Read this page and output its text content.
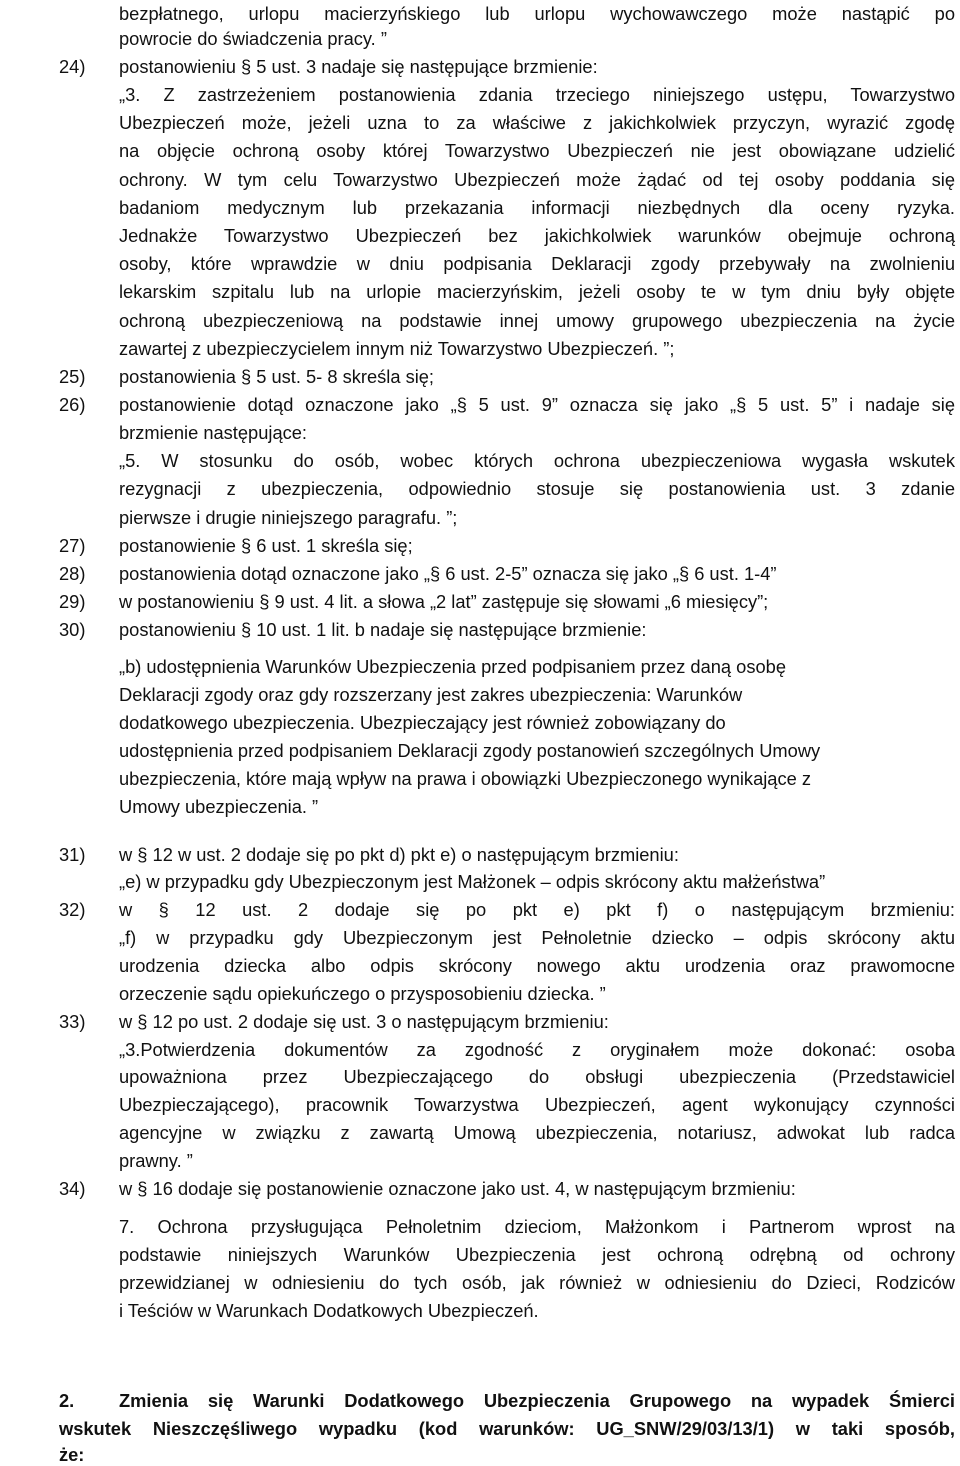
24)
25)
26)
27)
28)
29)
30)
31)
32)
33)
34)
2.
bezpłatnego, urlopu macierzyńskiego lub urlopu wychowawczego może nastąpić po
powrocie do świadczenia pracy. ”
postanowieniu § 5 ust. 3 nadaje się następujące brzmienie:
„3. Z zastrzeżeniem postanowienia zdania trzeciego niniejszego ustępu, Towarzystwo
Ubezpieczeń może, jeżeli uzna to za właściwe z jakichkolwiek przyczyn, wyrazić zgodę
na objęcie ochroną osoby której Towarzystwo Ubezpieczeń nie jest obowiązane udzielić
ochrony. W tym celu Towarzystwo Ubezpieczeń może żądać od tej osoby poddania się
badaniom medycznym lub przekazania informacji niezbędnych dla oceny ryzyka.
Jednakże Towarzystwo Ubezpieczeń bez jakichkolwiek warunków obejmuje ochroną
osoby, które wprawdzie w dniu podpisania Deklaracji zgody przebywały na zwolnieniu
lekarskim szpitalu lub na urlopie macierzyńskim, jeżeli osoby te w tym dniu były objęte
ochroną ubezpieczeniową na podstawie innej umowy grupowego ubezpieczenia na życie
zawartej z ubezpieczycielem innym niż Towarzystwo Ubezpieczeń. ”;
postanowienia § 5 ust. 5- 8 skreśla się;
postanowienie dotąd oznaczone jako „§ 5 ust. 9” oznacza się jako „§ 5 ust. 5” i nadaje się
brzmienie następujące:
„5. W stosunku do osób, wobec których ochrona ubezpieczeniowa wygasła wskutek
rezygnacji z ubezpieczenia, odpowiednio stosuje się postanowienia ust. 3 zdanie
pierwsze i drugie niniejszego paragrafu. ”;
postanowienie § 6 ust. 1 skreśla się;
postanowienia dotąd oznaczone jako „§ 6 ust. 2-5” oznacza się jako „§ 6 ust. 1-4”
w postanowieniu § 9 ust. 4 lit. a słowa „2 lat” zastępuje się słowami „6 miesięcy”;
postanowieniu § 10 ust. 1 lit. b nadaje się następujące brzmienie:
„b) udostępnienia Warunków Ubezpieczenia przed podpisaniem przez daną osobę
Deklaracji zgody oraz gdy rozszerzany jest zakres ubezpieczenia: Warunków
dodatkowego ubezpieczenia. Ubezpieczający jest również zobowiązany do
udostępnienia przed podpisaniem Deklaracji zgody postanowień szczególnych Umowy
ubezpieczenia, które mają wpływ na prawa i obowiązki Ubezpieczonego wynikające z
Umowy ubezpieczenia. ”
w § 12 w ust. 2 dodaje się po pkt d) pkt e) o następującym brzmieniu:
„e) w przypadku gdy Ubezpieczonym jest Małżonek – odpis skrócony aktu małżeństwa”
w § 12 ust. 2 dodaje się po pkt e) pkt f) o następującym brzmieniu:
„f) w przypadku gdy Ubezpieczonym jest Pełnoletnie dziecko – odpis skrócony aktu
urodzenia dziecka albo odpis skrócony nowego aktu urodzenia oraz prawomocne
orzeczenie sądu opiekuńczego o przysposobieniu dziecka. ”
w § 12 po ust. 2 dodaje się ust. 3 o następującym brzmieniu:
„3.Potwierdzenia dokumentów za zgodność z oryginałem może dokonać: osoba
upoważniona przez Ubezpieczającego do obsługi ubezpieczenia (Przedstawiciel
Ubezpieczającego), pracownik Towarzystwa Ubezpieczeń, agent wykonujący czynności
agencyjne w związku z zawartą Umową ubezpieczenia, notariusz, adwokat lub radca
prawny. ”
w § 16 dodaje się postanowienie oznaczone jako ust. 4, w następującym brzmieniu:
7. Ochrona przysługująca Pełnoletnim dzieciom, Małżonkom i Partnerom wprost na
podstawie niniejszych Warunków Ubezpieczenia jest ochroną odrębną od ochrony
przewidzianej w odniesieniu do tych osób, jak również w odniesieniu do Dzieci, Rodziców
i Teściów w Warunkach Dodatkowych Ubezpieczeń.
Zmienia się Warunki Dodatkowego Ubezpieczenia Grupowego na wypadek Śmierci
wskutek Nieszczęśliwego wypadku (kod warunków: UG_SNW/29/03/13/1) w taki sposób,
że:
